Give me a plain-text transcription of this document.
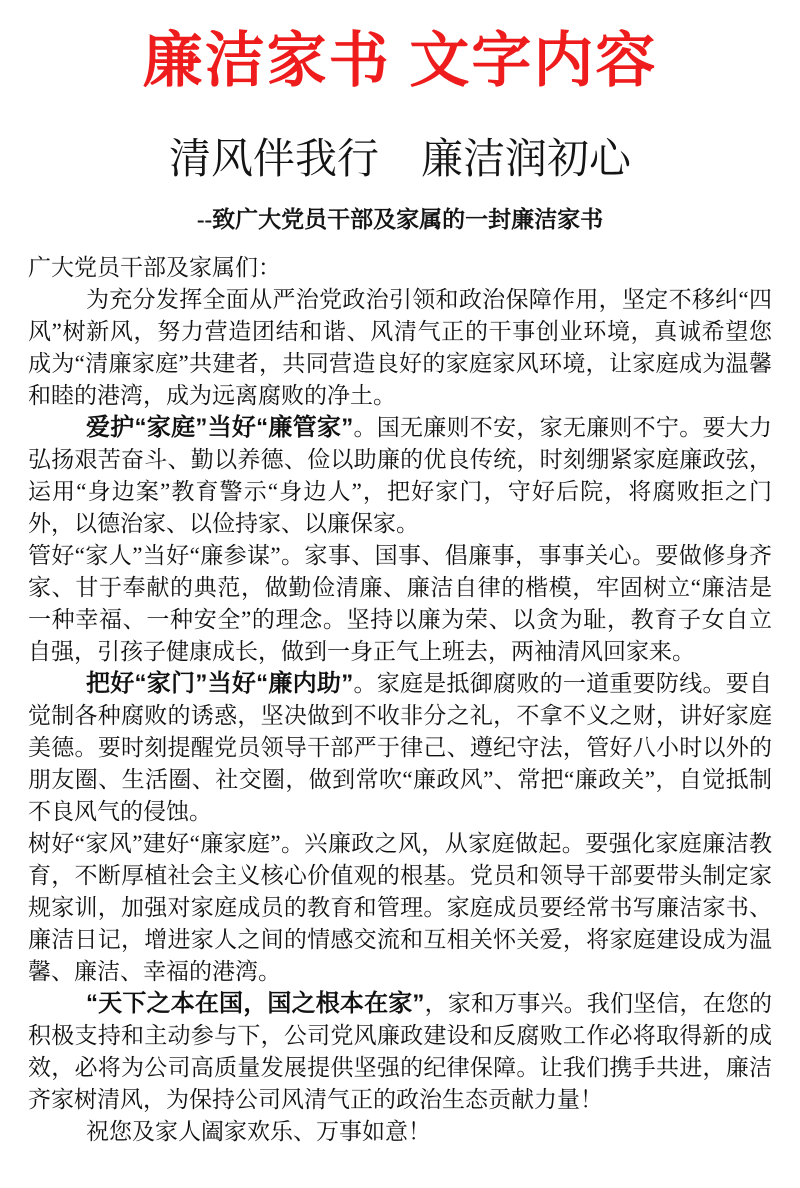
廉洁家书 文字内容
清风伴我行　廉洁润初心
--致广大党员干部及家属的一封廉洁家书

广大党员干部及家属们：

为充分发挥全面从严治党政治引领和政治保障作用，坚定不移纠“四风”树新风，努力营造团结和谐、风清气正的干事创业环境，真诚希望您成为“清廉家庭”共建者，共同营造良好的家庭家风环境，让家庭成为温馨和睦的港湾，成为远离腐败的净土。

爱护“家庭”当好“廉管家”。国无廉则不安，家无廉则不宁。要大力弘扬艰苦奋斗、勤以养德、俭以助廉的优良传统，时刻绷紧家庭廉政弦，运用“身边案”教育警示“身边人”，把好家门，守好后院，将腐败拒之门外，以德治家、以俭持家、以廉保家。

管好“家人”当好“廉参谋”。家事、国事、倡廉事，事事关心。要做修身齐家、甘于奉献的典范，做勤俭清廉、廉洁自律的楷模，牢固树立“廉洁是一种幸福、一种安全”的理念。坚持以廉为荣、以贪为耻，教育子女自立自强，引孩子健康成长，做到一身正气上班去，两袖清风回家来。

把好“家门”当好“廉内助”。家庭是抵御腐败的一道重要防线。要自觉制各种腐败的诱惑，坚决做到不收非分之礼，不拿不义之财，讲好家庭美德。要时刻提醒党员领导干部严于律己、遵纪守法，管好八小时以外的朋友圈、生活圈、社交圈，做到常吹“廉政风”、常把“廉政关”，自觉抵制不良风气的侵蚀。

树好“家风”建好“廉家庭”。兴廉政之风，从家庭做起。要强化家庭廉洁教育，不断厚植社会主义核心价值观的根基。党员和领导干部要带头制定家规家训，加强对家庭成员的教育和管理。家庭成员要经常书写廉洁家书、廉洁日记，增进家人之间的情感交流和互相关怀关爱，将家庭建设成为温馨、廉洁、幸福的港湾。

“天下之本在国，国之根本在家”，家和万事兴。我们坚信，在您的积极支持和主动参与下，公司党风廉政建设和反腐败工作必将取得新的成效，必将为公司高质量发展提供坚强的纪律保障。让我们携手共进，廉洁齐家树清风，为保持公司风清气正的政治生态贡献力量！

祝您及家人阖家欢乐、万事如意！
